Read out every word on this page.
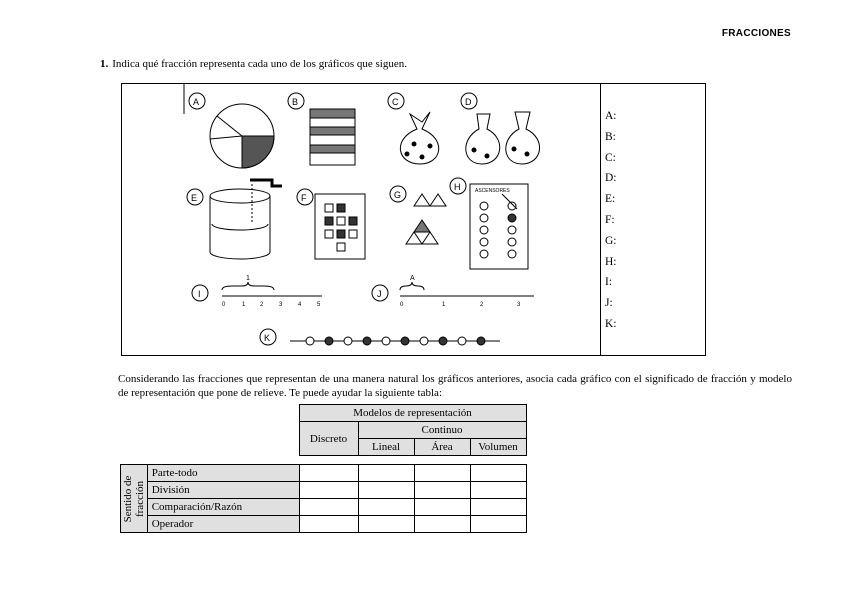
FRACCIONES
1. Indica qué fracción representa cada uno de los gráficos que siguen.
A	B	C	D
E	F	G
H	ASCENSORES
I
1
0	1 2	3	4	5
J
A
0	1	2	3
K
A:
B:
C:
D:
E:
F:
G:
H:
I:
J:
K:
Considerando las fracciones que representan de una manera natural los gráficos anteriores, asocia cada gráfico con el significado de fracción y modelo de representación que pone de relieve. Te puede ayudar la siguiente tabla:
		Modelos de representación			
		Discreto	Continuo		
			Lineal	Área	Volumen

Sentido de
fracción	Parte-todo				
	División				
	Comparación/Razón				
	Operador				
